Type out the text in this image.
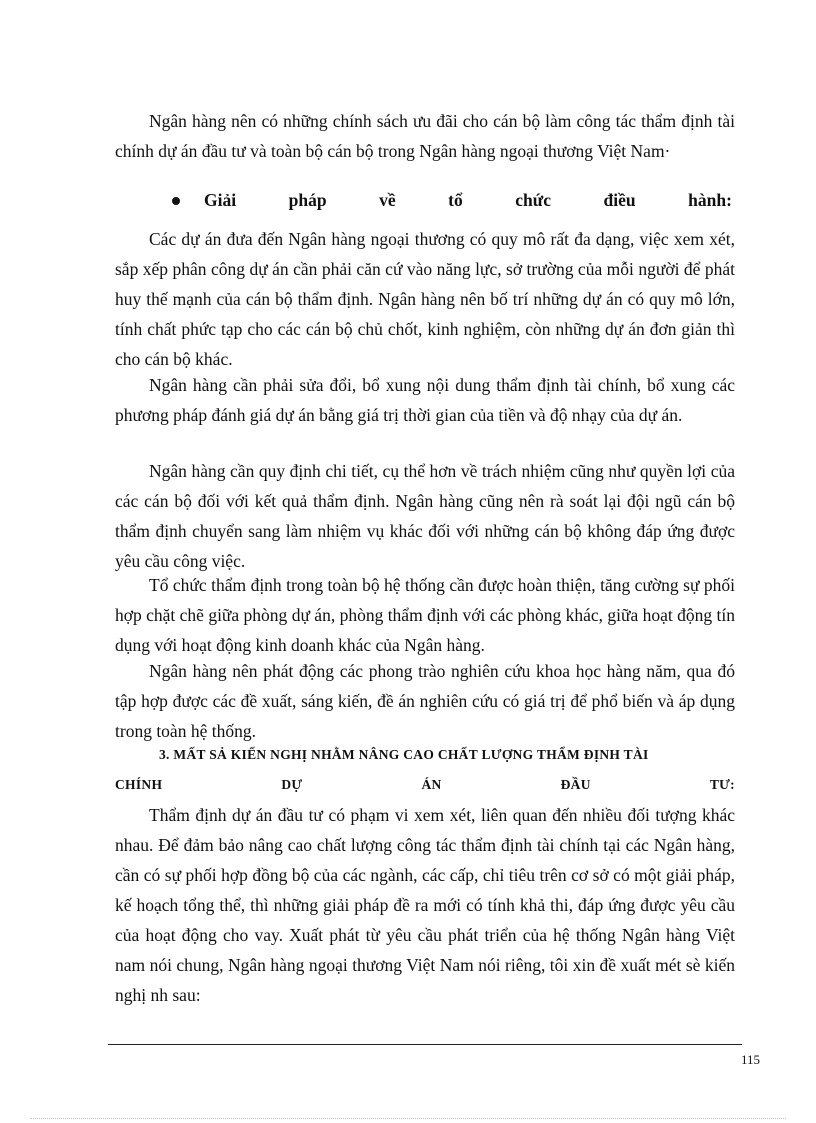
Ngân hàng nên có những chính sách ưu đãi cho cán bộ làm công tác thẩm định tài chính dự án đầu tư và toàn bộ cán bộ trong Ngân hàng ngoại thương Việt Nam·

Giải	pháp	về	tổ	chức	điều	hành:

Các dự án đưa đến Ngân hàng ngoại thương có quy mô rất đa dạng, việc xem xét, sắp xếp phân công dự án cần phải căn cứ vào năng lực, sở trường của mỗi người để phát huy thế mạnh của cán bộ thẩm định. Ngân hàng nên bố trí những dự án có quy mô lớn, tính chất phức tạp cho các cán bộ chủ chốt, kinh nghiệm, còn những dự án đơn giản thì cho cán bộ khác.

Ngân hàng cần phải sửa đổi, bổ xung nội dung thẩm định tài chính, bổ xung các phương pháp đánh giá dự án bằng giá trị thời gian của tiền và độ nhạy của dự án.

Ngân hàng cần quy định chi tiết, cụ thể hơn về trách nhiệm cũng như quyền lợi của các cán bộ đối với kết quả thẩm định. Ngân hàng cũng nên rà soát lại đội ngũ cán bộ thẩm định chuyển sang làm nhiệm vụ khác đối với những cán bộ không đáp ứng được yêu cầu công việc.

Tổ chức thẩm định trong toàn bộ hệ thống cần được hoàn thiện, tăng cường sự phối hợp chặt chẽ giữa phòng dự án, phòng thẩm định với các phòng khác, giữa hoạt động tín dụng với hoạt động kinh doanh khác của Ngân hàng.

Ngân hàng nên phát động các phong trào nghiên cứu khoa học hàng năm, qua đó tập hợp được các đề xuất, sáng kiến, đề án nghiên cứu có giá trị để phổ biến và áp dụng trong toàn hệ thống.

3. MẤT SẢ KIẾN NGHỊ NHẰM NÂNG CAO CHẤT LƯỢNG THẨM ĐỊNH TÀI
CHÍNH	DỰ	ÁN	ĐẦU	TƯ:

Thẩm định dự án đầu tư có phạm vi xem xét, liên quan đến nhiều đối tượng khác nhau. Để đảm bảo nâng cao chất lượng công tác thẩm định tài chính tại các Ngân hàng, cần có sự phối hợp đồng bộ của các ngành, các cấp, chỉ tiêu trên cơ sở có một giải pháp, kế hoạch tổng thể, thì những giải pháp đề ra mới có tính khả thi, đáp ứng được yêu cầu của hoạt động cho vay. Xuất phát từ yêu cầu phát triển của hệ thống Ngân hàng Việt nam nói chung, Ngân hàng ngoại thương Việt Nam nói riêng, tôi xin đề xuất mét sè kiến nghị nh sau:

115
